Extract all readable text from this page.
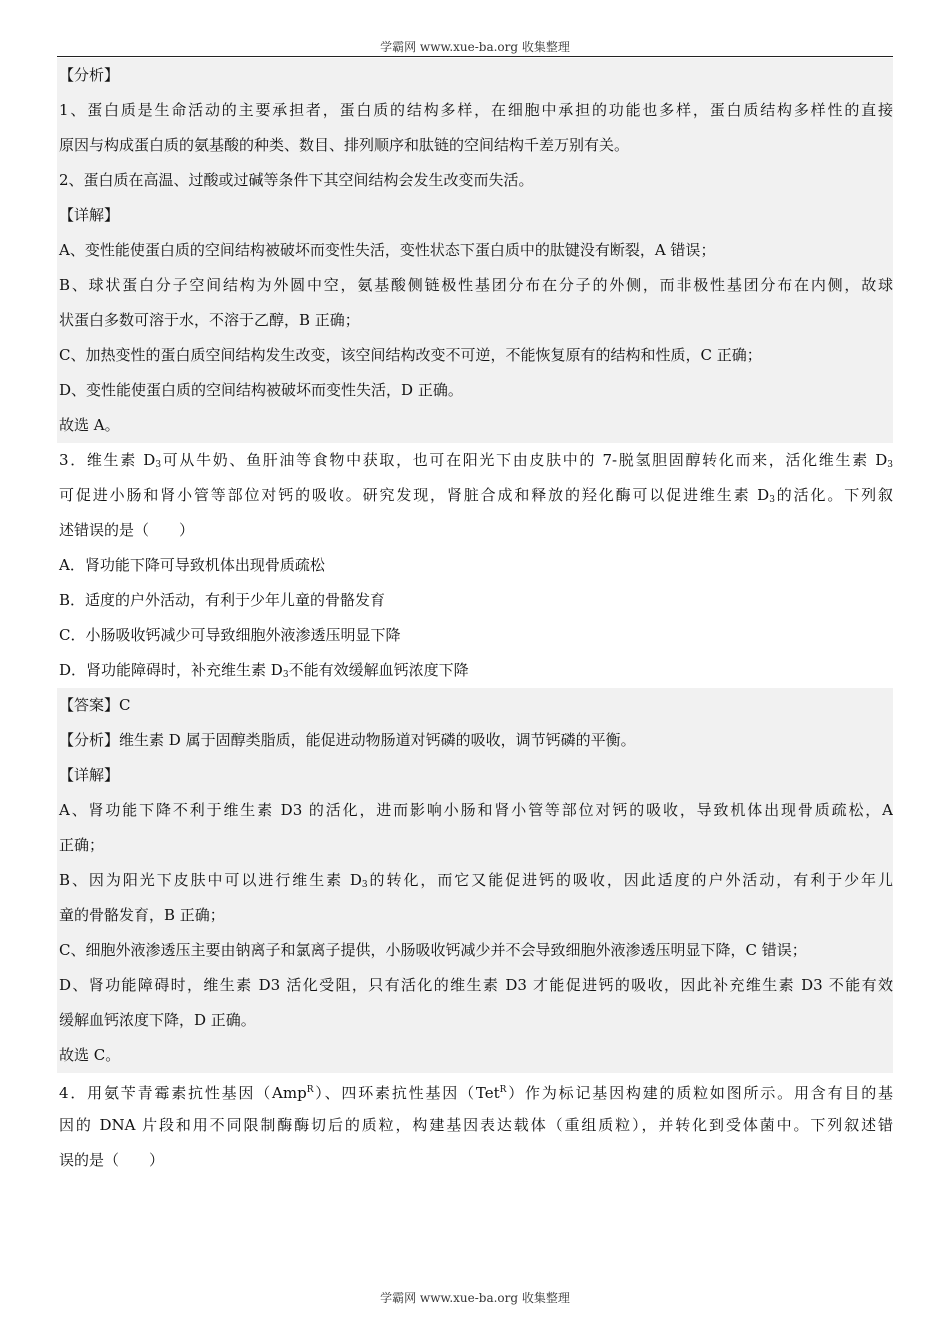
学霸网 www.xue-ba.org 收集整理
【分析】
1、蛋白质是生命活动的主要承担者，蛋白质的结构多样，在细胞中承担的功能也多样，蛋白质结构多样性的直接
原因与构成蛋白质的氨基酸的种类、数目、排列顺序和肽链的空间结构千差万别有关。
2、蛋白质在高温、过酸或过碱等条件下其空间结构会发生改变而失活。
【详解】
A、变性能使蛋白质的空间结构被破坏而变性失活，变性状态下蛋白质中的肽键没有断裂，A 错误；
B、球状蛋白分子空间结构为外圆中空，氨基酸侧链极性基团分布在分子的外侧，而非极性基团分布在内侧，故球
状蛋白多数可溶于水，不溶于乙醇，B 正确；
C、加热变性的蛋白质空间结构发生改变，该空间结构改变不可逆，不能恢复原有的结构和性质，C 正确；
D、变性能使蛋白质的空间结构被破坏而变性失活，D 正确。
故选 A。
3．维生素 $D_3$可从牛奶、鱼肝油等食物中获取，也可在阳光下由皮肤中的 7-脱氢胆固醇转化而来，活化维生素 $D_3$
可促进小肠和肾小管等部位对钙的吸收。研究发现，肾脏合成和释放的羟化酶可以促进维生素 $D_3$的活化。下列叙
述错误的是（　　）
A．肾功能下降可导致机体出现骨质疏松
B．适度的户外活动，有利于少年儿童的骨骼发育
C．小肠吸收钙减少可导致细胞外液渗透压明显下降
D．肾功能障碍时，补充维生素 $D_3$不能有效缓解血钙浓度下降
【答案】C
【分析】维生素 D 属于固醇类脂质，能促进动物肠道对钙磷的吸收，调节钙磷的平衡。
【详解】
A、肾功能下降不利于维生素 D3 的活化，进而影响小肠和肾小管等部位对钙的吸收，导致机体出现骨质疏松，A
正确；
B、因为阳光下皮肤中可以进行维生素 $D_3$的转化，而它又能促进钙的吸收，因此适度的户外活动，有利于少年儿
童的骨骼发育，B 正确；
C、细胞外液渗透压主要由钠离子和氯离子提供，小肠吸收钙减少并不会导致细胞外液渗透压明显下降，C 错误；
D、肾功能障碍时，维生素 D3 活化受阻，只有活化的维生素 D3 才能促进钙的吸收，因此补充维生素 D3 不能有效
缓解血钙浓度下降，D 正确。
故选 C。
4．用氨苄青霉素抗性基因（Amp$^R$）、四环素抗性基因（Tet$^R$）作为标记基因构建的质粒如图所示。用含有目的基
因的 DNA 片段和用不同限制酶酶切后的质粒，构建基因表达载体（重组质粒），并转化到受体菌中。下列叙述错
误的是（　　）
学霸网 www.xue-ba.org 收集整理
